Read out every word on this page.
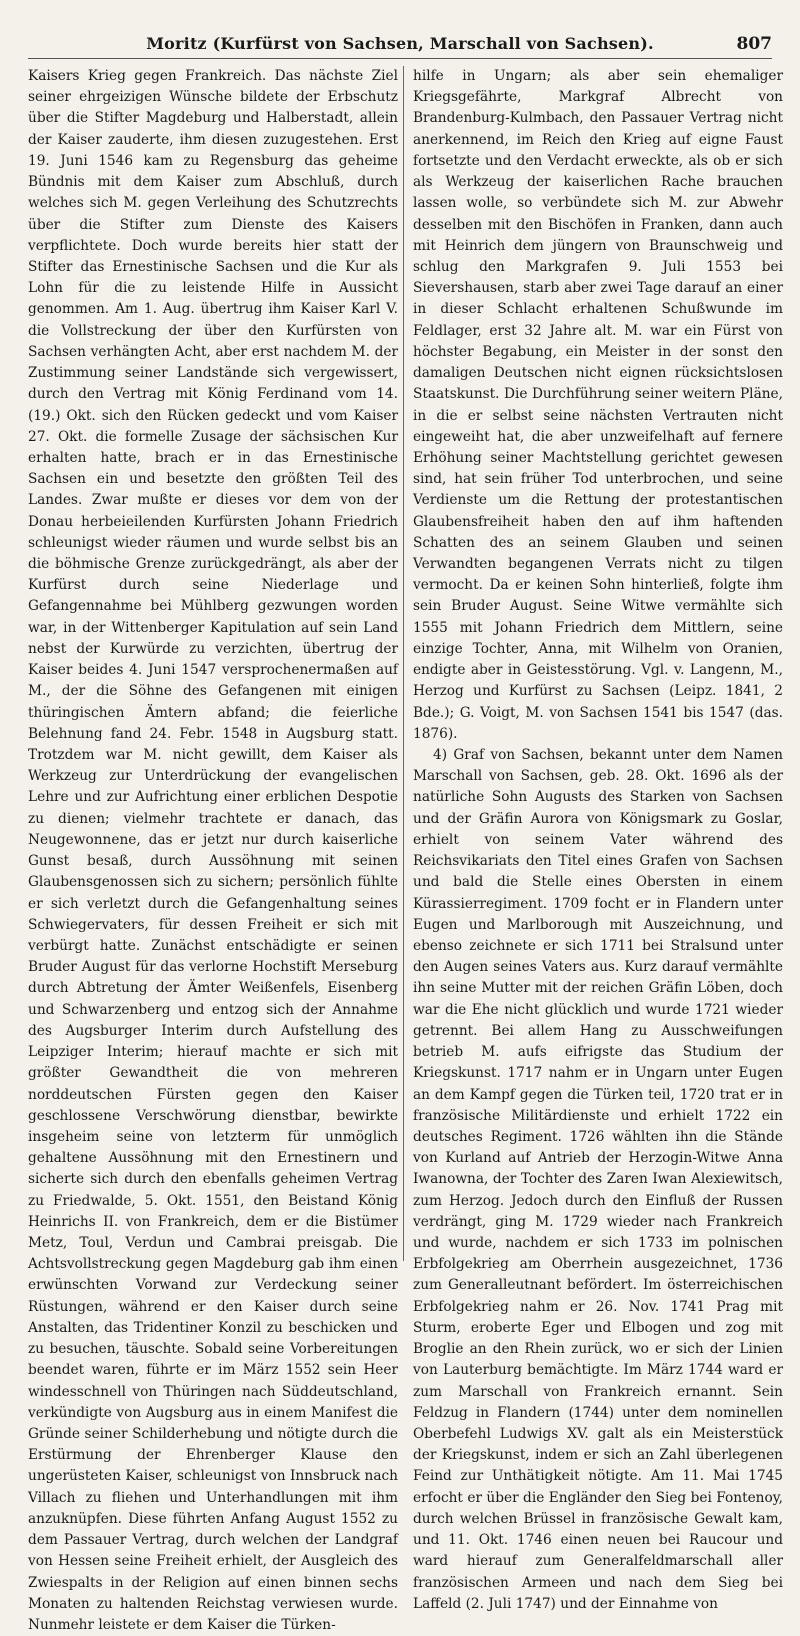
Moritz (Kurfürst von Sachsen, Marschall von Sachsen).	807

Kaisers Krieg gegen Frankreich. Das nächste Ziel seiner ehrgeizigen Wünsche bildete der Erbschutz über die Stifter Magdeburg und Halberstadt, allein der Kaiser zauderte, ihm diesen zuzugestehen. Erst 19. Juni 1546 kam zu Regensburg das geheime Bündnis mit dem Kaiser zum Abschluß, durch welches sich M. gegen Verleihung des Schutzrechts über die Stifter zum Dienste des Kaisers verpflichtete. Doch wurde bereits hier statt der Stifter das Ernestinische Sachsen und die Kur als Lohn für die zu leistende Hilfe in Aussicht genommen. Am 1. Aug. übertrug ihm Kaiser Karl V. die Vollstreckung der über den Kurfürsten von Sachsen verhängten Acht, aber erst nachdem M. der Zustimmung seiner Landstände sich vergewissert, durch den Vertrag mit König Ferdinand vom 14. (19.) Okt. sich den Rücken gedeckt und vom Kaiser 27. Okt. die formelle Zusage der sächsischen Kur erhalten hatte, brach er in das Ernestinische Sachsen ein und besetzte den größten Teil des Landes. Zwar mußte er dieses vor dem von der Donau herbeieilenden Kurfürsten Johann Friedrich schleunigst wieder räumen und wurde selbst bis an die böhmische Grenze zurückgedrängt, als aber der Kurfürst durch seine Niederlage und Gefangennahme bei Mühlberg gezwungen worden war, in der Wittenberger Kapitulation auf sein Land nebst der Kurwürde zu verzichten, übertrug der Kaiser beides 4. Juni 1547 versprochenermaßen auf M., der die Söhne des Gefangenen mit einigen thüringischen Ämtern abfand; die feierliche Belehnung fand 24. Febr. 1548 in Augsburg statt. Trotzdem war M. nicht gewillt, dem Kaiser als Werkzeug zur Unterdrückung der evangelischen Lehre und zur Aufrichtung einer erblichen Despotie zu dienen; vielmehr trachtete er danach, das Neugewonnene, das er jetzt nur durch kaiserliche Gunst besaß, durch Aussöhnung mit seinen Glaubensgenossen sich zu sichern; persönlich fühlte er sich verletzt durch die Gefangenhaltung seines Schwiegervaters, für dessen Freiheit er sich mit verbürgt hatte. Zunächst entschädigte er seinen Bruder August für das verlorne Hochstift Merseburg durch Abtretung der Ämter Weißenfels, Eisenberg und Schwarzenberg und entzog sich der Annahme des Augsburger Interim durch Aufstellung des Leipziger Interim; hierauf machte er sich mit größter Gewandtheit die von mehreren norddeutschen Fürsten gegen den Kaiser geschlossene Verschwörung dienstbar, bewirkte insgeheim seine von letzterm für unmöglich gehaltene Aussöhnung mit den Ernestinern und sicherte sich durch den ebenfalls geheimen Vertrag zu Friedwalde, 5. Okt. 1551, den Beistand König Heinrichs II. von Frankreich, dem er die Bistümer Metz, Toul, Verdun und Cambrai preisgab. Die Achtsvollstreckung gegen Magdeburg gab ihm einen erwünschten Vorwand zur Verdeckung seiner Rüstungen, während er den Kaiser durch seine Anstalten, das Tridentiner Konzil zu beschicken und zu besuchen, täuschte. Sobald seine Vorbereitungen beendet waren, führte er im März 1552 sein Heer windesschnell von Thüringen nach Süddeutschland, verkündigte von Augsburg aus in einem Manifest die Gründe seiner Schilderhebung und nötigte durch die Erstürmung der Ehrenberger Klause den ungerüsteten Kaiser, schleunigst von Innsbruck nach Villach zu fliehen und Unterhandlungen mit ihm anzuknüpfen. Diese führten Anfang August 1552 zu dem Passauer Vertrag, durch welchen der Landgraf von Hessen seine Freiheit erhielt, der Ausgleich des Zwiespalts in der Religion auf einen binnen sechs Monaten zu haltenden Reichstag verwiesen wurde. Nunmehr leistete er dem Kaiser die Türken-

hilfe in Ungarn; als aber sein ehemaliger Kriegsgefährte, Markgraf Albrecht von Brandenburg-Kulmbach, den Passauer Vertrag nicht anerkennend, im Reich den Krieg auf eigne Faust fortsetzte und den Verdacht erweckte, als ob er sich als Werkzeug der kaiserlichen Rache brauchen lassen wolle, so verbündete sich M. zur Abwehr desselben mit den Bischöfen in Franken, dann auch mit Heinrich dem jüngern von Braunschweig und schlug den Markgrafen 9. Juli 1553 bei Sievershausen, starb aber zwei Tage darauf an einer in dieser Schlacht erhaltenen Schußwunde im Feldlager, erst 32 Jahre alt. M. war ein Fürst von höchster Begabung, ein Meister in der sonst den damaligen Deutschen nicht eignen rücksichtslosen Staatskunst. Die Durchführung seiner weitern Pläne, in die er selbst seine nächsten Vertrauten nicht eingeweiht hat, die aber unzweifelhaft auf fernere Erhöhung seiner Machtstellung gerichtet gewesen sind, hat sein früher Tod unterbrochen, und seine Verdienste um die Rettung der protestantischen Glaubensfreiheit haben den auf ihm haftenden Schatten des an seinem Glauben und seinen Verwandten begangenen Verrats nicht zu tilgen vermocht. Da er keinen Sohn hinterließ, folgte ihm sein Bruder August. Seine Witwe vermählte sich 1555 mit Johann Friedrich dem Mittlern, seine einzige Tochter, Anna, mit Wilhelm von Oranien, endigte aber in Geistesstörung. Vgl. v. Langenn, M., Herzog und Kurfürst zu Sachsen (Leipz. 1841, 2 Bde.); G. Voigt, M. von Sachsen 1541 bis 1547 (das. 1876).

4) Graf von Sachsen, bekannt unter dem Namen Marschall von Sachsen, geb. 28. Okt. 1696 als der natürliche Sohn Augusts des Starken von Sachsen und der Gräfin Aurora von Königsmark zu Goslar, erhielt von seinem Vater während des Reichsvikariats den Titel eines Grafen von Sachsen und bald die Stelle eines Obersten in einem Kürassierregiment. 1709 focht er in Flandern unter Eugen und Marlborough mit Auszeichnung, und ebenso zeichnete er sich 1711 bei Stralsund unter den Augen seines Vaters aus. Kurz darauf vermählte ihn seine Mutter mit der reichen Gräfin Löben, doch war die Ehe nicht glücklich und wurde 1721 wieder getrennt. Bei allem Hang zu Ausschweifungen betrieb M. aufs eifrigste das Studium der Kriegskunst. 1717 nahm er in Ungarn unter Eugen an dem Kampf gegen die Türken teil, 1720 trat er in französische Militärdienste und erhielt 1722 ein deutsches Regiment. 1726 wählten ihn die Stände von Kurland auf Antrieb der Herzogin-Witwe Anna Iwanowna, der Tochter des Zaren Iwan Alexiewitsch, zum Herzog. Jedoch durch den Einfluß der Russen verdrängt, ging M. 1729 wieder nach Frankreich und wurde, nachdem er sich 1733 im polnischen Erbfolgekrieg am Oberrhein ausgezeichnet, 1736 zum Generalleutnant befördert. Im österreichischen Erbfolgekrieg nahm er 26. Nov. 1741 Prag mit Sturm, eroberte Eger und Elbogen und zog mit Broglie an den Rhein zurück, wo er sich der Linien von Lauterburg bemächtigte. Im März 1744 ward er zum Marschall von Frankreich ernannt. Sein Feldzug in Flandern (1744) unter dem nominellen Oberbefehl Ludwigs XV. galt als ein Meisterstück der Kriegskunst, indem er sich an Zahl überlegenen Feind zur Unthätigkeit nötigte. Am 11. Mai 1745 erfocht er über die Engländer den Sieg bei Fontenoy, durch welchen Brüssel in französische Gewalt kam, und 11. Okt. 1746 einen neuen bei Raucour und ward hierauf zum Generalfeldmarschall aller französischen Armeen und nach dem Sieg bei Laffeld (2. Juli 1747) und der Einnahme von
